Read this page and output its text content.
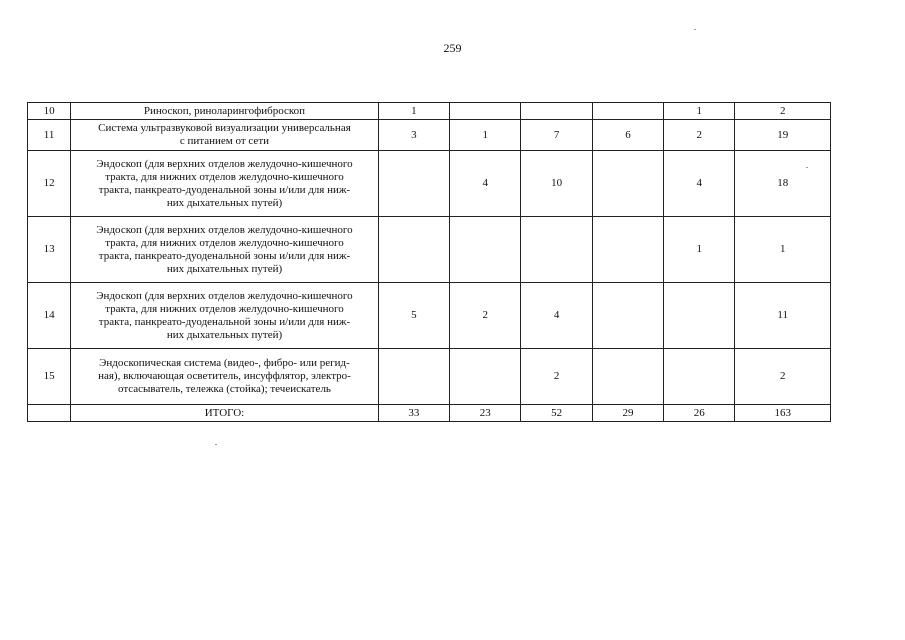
259
10	Риноскоп, риноларингофиброскоп	1				1	2
11	Система ультразвуковой визуализации универсальная
с питанием от сети	3	1	7	6	2	19
12	Эндоскоп (для верхних отделов желудочно-кишечного
тракта, для нижних отделов желудочно-кишечного
тракта, панкреато-дуоденальной зоны и/или для ниж-
них дыхательных путей)		4	10		4	18
13	Эндоскоп (для верхних отделов желудочно-кишечного
тракта, для нижних отделов желудочно-кишечного
тракта, панкреато-дуоденальной зоны и/или для ниж-
них дыхательных путей)					1	1
14	Эндоскоп (для верхних отделов желудочно-кишечного
тракта, для нижних отделов желудочно-кишечного
тракта, панкреато-дуоденальной зоны и/или для ниж-
них дыхательных путей)	5	2	4			11
15	Эндоскопическая система (видео-, фибро- или регид-
ная), включающая осветитель, инсуффлятор, электро-
отсасыватель, тележка (стойка); течеискатель			2			2
	ИТОГО:	33	23	52	29	26	163
